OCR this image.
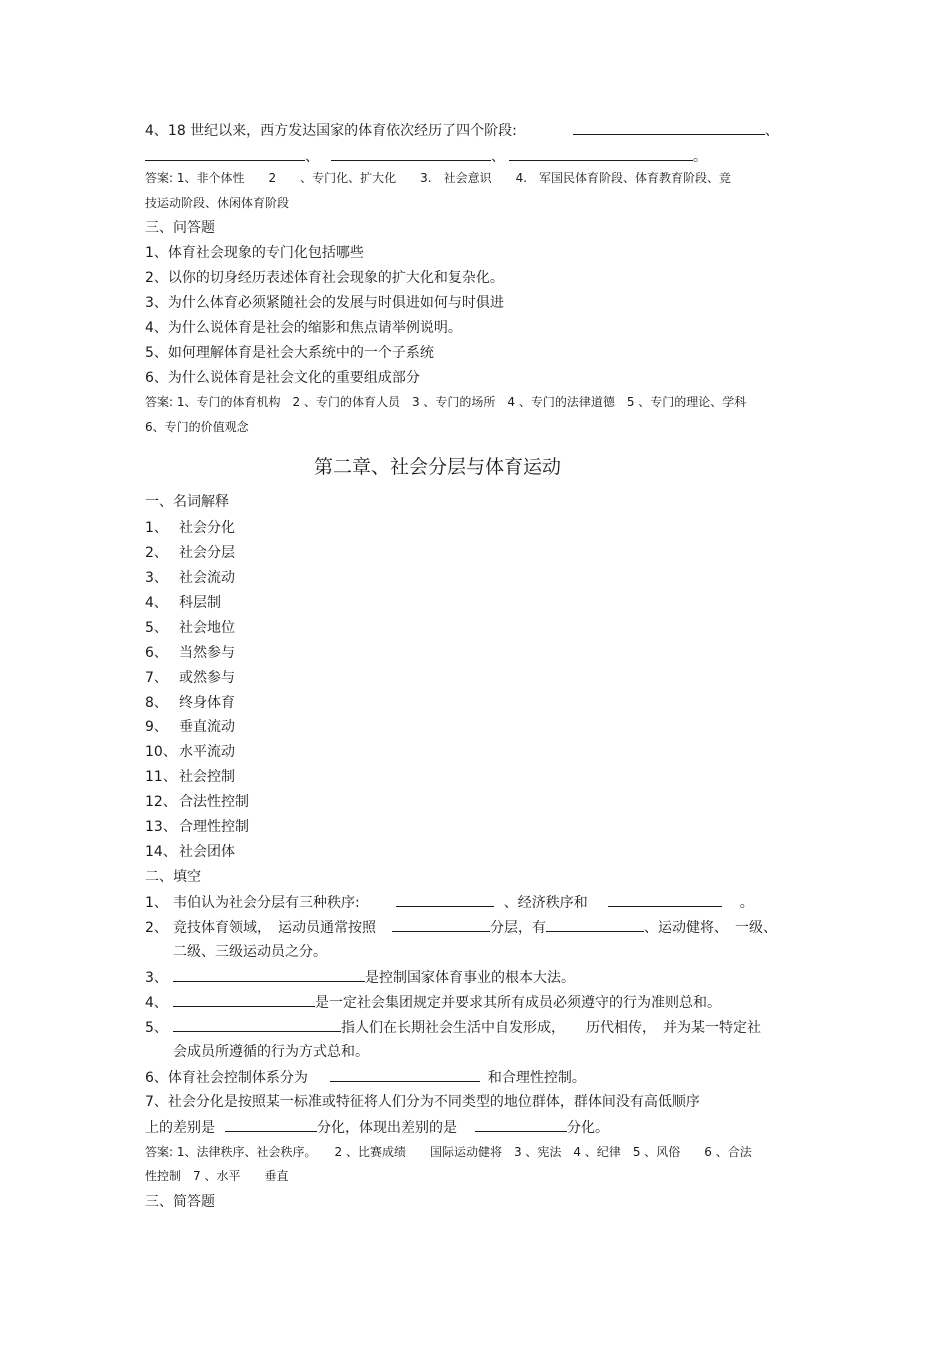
4、18 世纪以来，西方发达国家的体育依次经历了四个阶段:	、
、	、	。
答案: 1、非个体性　　2　　、专门化、扩大化　　3.　社会意识　　4.　军国民体育阶段、体育教育阶段、竞
技运动阶段、休闲体育阶段
三、问答题
1、体育社会现象的专门化包括哪些
2、以你的切身经历表述体育社会现象的扩大化和复杂化。
3、为什么体育必须紧随社会的发展与时俱进如何与时俱进
4、为什么说体育是社会的缩影和焦点请举例说明。
5、如何理解体育是社会大系统中的一个子系统
6、为什么说体育是社会文化的重要组成部分
答案: 1、专门的体育机构　2 、专门的体育人员　3 、专门的场所　4 、专门的法律道德　5 、专门的理论、学科
6、专门的价值观念
第二章、社会分层与体育运动
一、名词解释
1、 社会分化
2、 社会分层
3、 社会流动
4、 科层制
5、 社会地位
6、 当然参与
7、 或然参与
8、 终身体育
9、 垂直流动
10、 水平流动
11、 社会控制
12、 合法性控制
13、 合理性控制
14、 社会团体
二、填空
1、 韦伯认为社会分层有三种秩序:	、经济秩序和	。
2、 竞技体育领域，　运动员通常按照	分层，有	、运动健将、　一级、
二级、三级运动员之分。
3、	是控制国家体育事业的根本大法。
4、	是一定社会集团规定并要求其所有成员必须遵守的行为准则总和。
5、	指人们在长期社会生活中自发形成，　　历代相传，　并为某一特定社
会成员所遵循的行为方式总和。
6、体育社会控制体系分为	和合理性控制。
7、社会分化是按照某一标准或特征将人们分为不同类型的地位群体，群体间没有高低顺序
上的差别是	分化，体现出差别的是	分化。
答案: 1、法律秩序、社会秩序。　　2 、比赛成绩　　国际运动健将　3 、宪法　4 、纪律　5 、风俗　　6 、合法
性控制　7 、水平　　垂直
三、简答题
